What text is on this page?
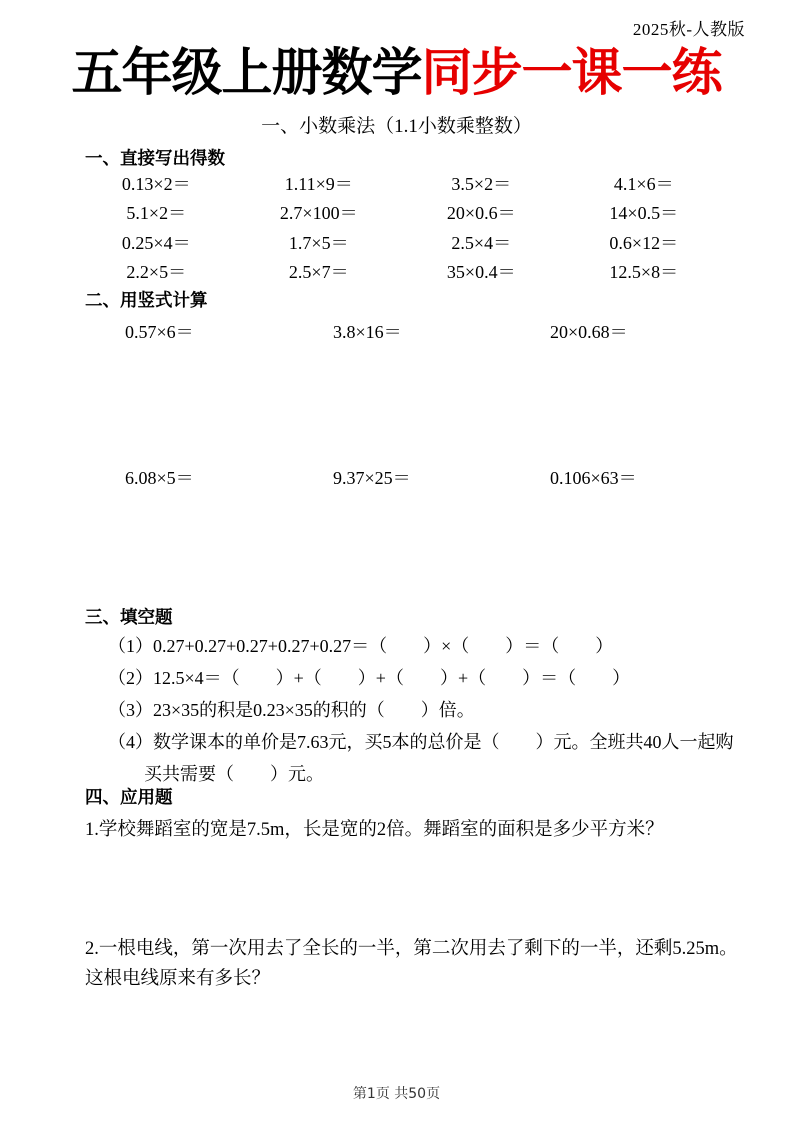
2025秋-人教版
五年级上册数学同步一课一练
一、小数乘法（1.1小数乘整数）
一、直接写出得数
0.13×2＝	1.11×9＝	3.5×2＝	4.1×6＝
5.1×2＝	2.7×100＝	20×0.6＝	14×0.5＝
0.25×4＝	1.7×5＝	2.5×4＝	0.6×12＝
2.2×5＝	2.5×7＝	35×0.4＝	12.5×8＝
二、用竖式计算
0.57×6＝	3.8×16＝	20×0.68＝
6.08×5＝	9.37×25＝	0.106×63＝
三、填空题

（1）0.27+0.27+0.27+0.27+0.27＝（　　）×（　　）＝（　　）

（2）12.5×4＝（　　）+（　　）+（　　）+（　　）＝（　　）

（3）23×35的积是0.23×35的积的（　　）倍。

（4）数学课本的单价是7.63元，买5本的总价是（　　）元。全班共40人一起购

买共需要（　　）元。

四、应用题

1.学校舞蹈室的宽是7.5m，长是宽的2倍。舞蹈室的面积是多少平方米？

2.一根电线，第一次用去了全长的一半，第二次用去了剩下的一半，还剩5.25m。

这根电线原来有多长？

第1页 共50页
